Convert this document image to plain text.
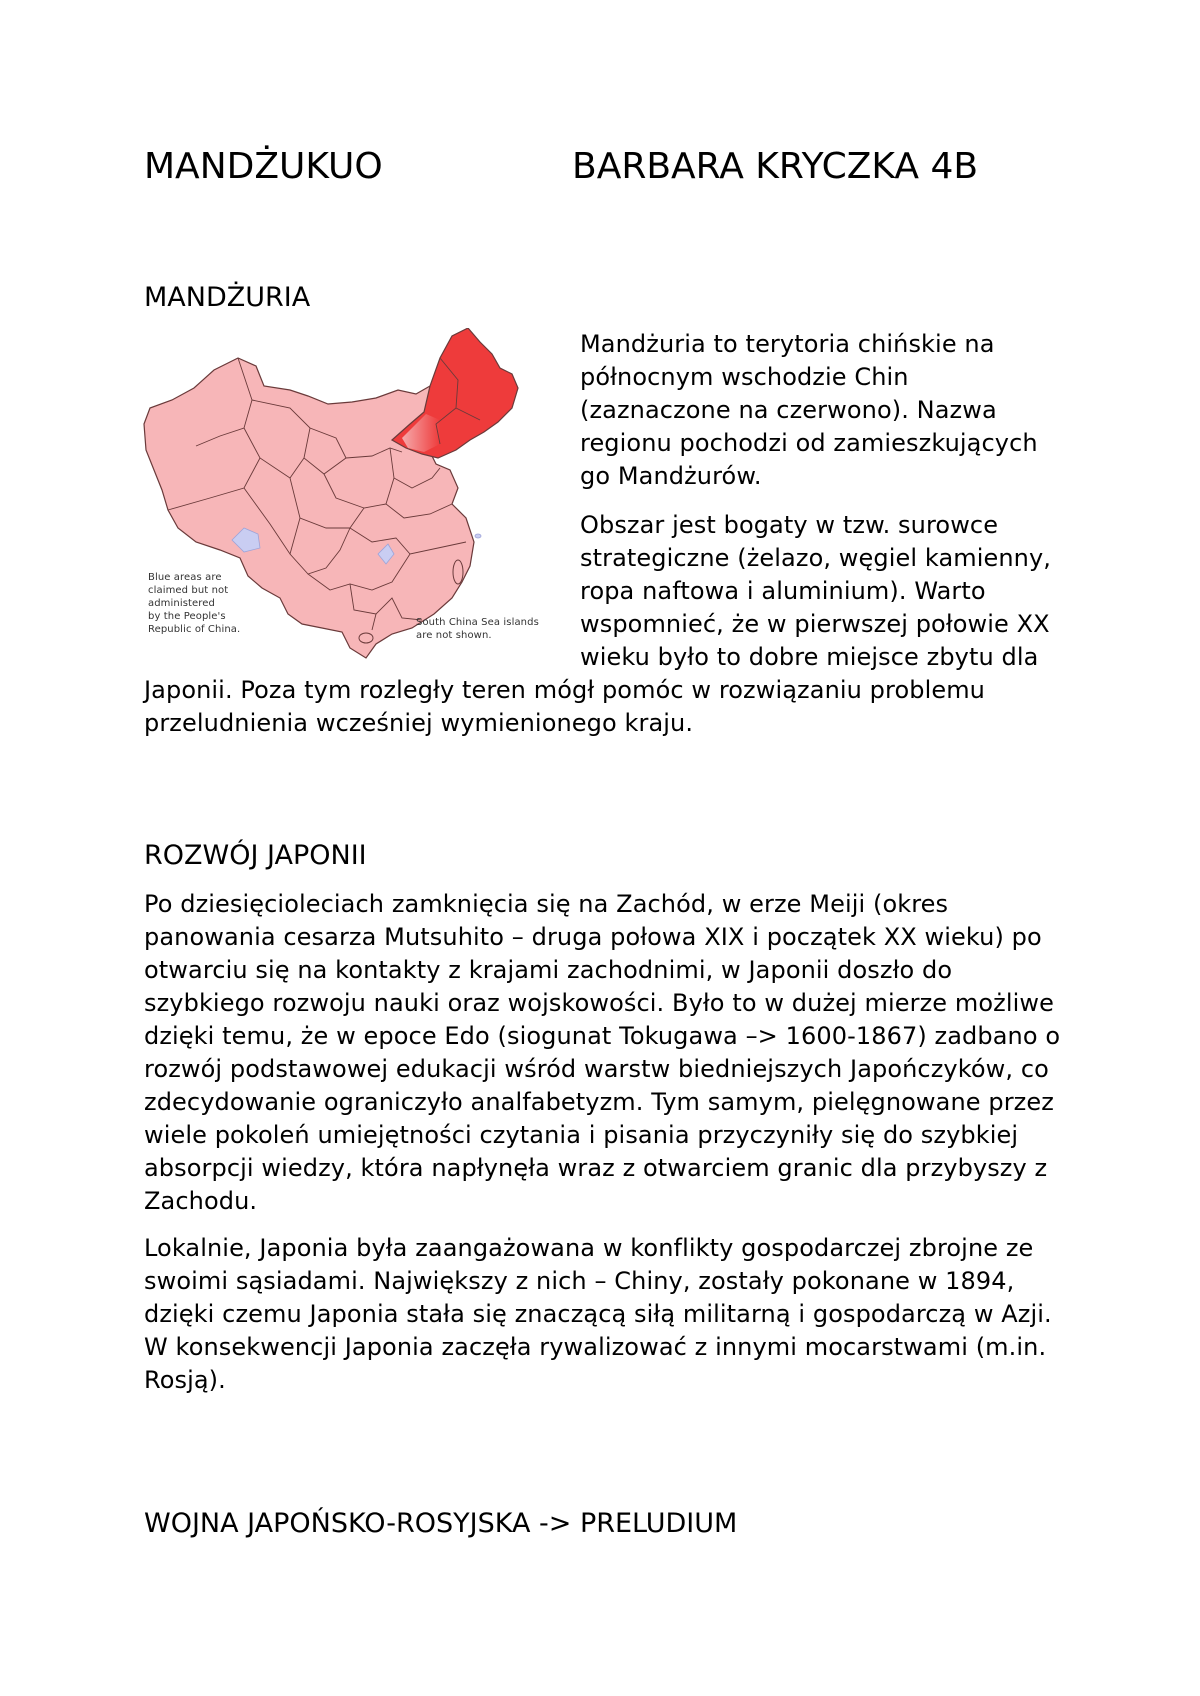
MANDŻUKUO	BARBARA KRYCZKA 4B
MANDŻURIA
Blue areas are claimed but not administered by the People's Republic of China.
South China Sea islands are not shown.

Mandżuria to terytoria chińskie na północnym wschodzie Chin (zaznaczone na czerwono). Nazwa regionu pochodzi od zamieszkujących go Mandżurów.

Obszar jest bogaty w tzw. surowce strategiczne (żelazo, węgiel kamienny, ropa naftowa i aluminium). Warto wspomnieć, że w pierwszej połowie XX wieku było to dobre miejsce zbytu dla Japonii. Poza tym rozległy teren mógł pomóc w rozwiązaniu problemu przeludnienia wcześniej wymienionego kraju.

ROZWÓJ JAPONII

Po dziesięcioleciach zamknięcia się na Zachód, w erze Meiji (okres panowania cesarza Mutsuhito – druga połowa XIX i początek XX wieku) po otwarciu się na kontakty z krajami zachodnimi, w Japonii doszło do szybkiego rozwoju nauki oraz wojskowości. Było to w dużej mierze możliwe dzięki temu, że w epoce Edo (siogunat Tokugawa –> 1600-1867) zadbano o rozwój podstawowej edukacji wśród warstw biedniejszych Japończyków, co zdecydowanie ograniczyło analfabetyzm. Tym samym, pielęgnowane przez wiele pokoleń umiejętności czytania i pisania przyczyniły się do szybkiej absorpcji wiedzy, która napłynęła wraz z otwarciem granic dla przybyszy z Zachodu.

Lokalnie, Japonia była zaangażowana w konflikty gospodarczej zbrojne ze swoimi sąsiadami. Największy z nich – Chiny, zostały pokonane w 1894, dzięki czemu Japonia stała się znaczącą siłą militarną i gospodarczą w Azji. W konsekwencji Japonia zaczęła rywalizować z innymi mocarstwami (m.in. Rosją).

WOJNA JAPOŃSKO-ROSYJSKA -> PRELUDIUM
